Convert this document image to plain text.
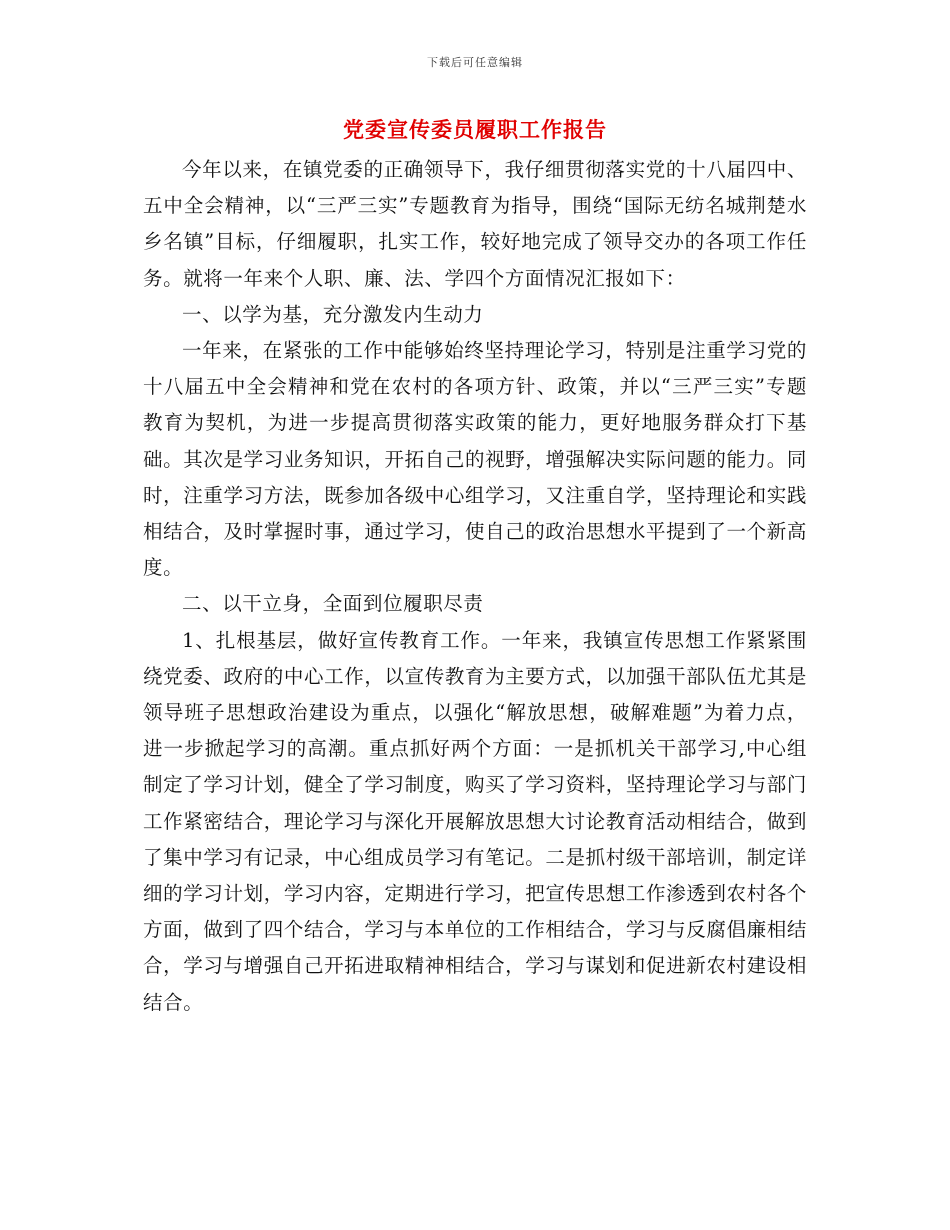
下载后可任意编辑
党委宣传委员履职工作报告

今年以来，在镇党委的正确领导下，我仔细贯彻落实党的十八届四中、五中全会精神，以“三严三实”专题教育为指导，围绕“国际无纺名城荆楚水乡名镇”目标，仔细履职，扎实工作，较好地完成了领导交办的各项工作任务。就将一年来个人职、廉、法、学四个方面情况汇报如下：

一、以学为基，充分激发内生动力

一年来，在紧张的工作中能够始终坚持理论学习，特别是注重学习党的十八届五中全会精神和党在农村的各项方针、政策，并以“三严三实”专题教育为契机，为进一步提高贯彻落实政策的能力，更好地服务群众打下基础。其次是学习业务知识，开拓自己的视野，增强解决实际问题的能力。同时，注重学习方法，既参加各级中心组学习，又注重自学，坚持理论和实践相结合，及时掌握时事，通过学习，使自己的政治思想水平提到了一个新高度。

二、以干立身，全面到位履职尽责

1、扎根基层，做好宣传教育工作。一年来，我镇宣传思想工作紧紧围绕党委、政府的中心工作，以宣传教育为主要方式，以加强干部队伍尤其是领导班子思想政治建设为重点，以强化“解放思想，破解难题”为着力点，进一步掀起学习的高潮。重点抓好两个方面：一是抓机关干部学习,中心组制定了学习计划，健全了学习制度，购买了学习资料，坚持理论学习与部门工作紧密结合，理论学习与深化开展解放思想大讨论教育活动相结合，做到了集中学习有记录，中心组成员学习有笔记。二是抓村级干部培训，制定详细的学习计划，学习内容，定期进行学习，把宣传思想工作渗透到农村各个方面，做到了四个结合，学习与本单位的工作相结合，学习与反腐倡廉相结合，学习与增强自己开拓进取精神相结合，学习与谋划和促进新农村建设相结合。
